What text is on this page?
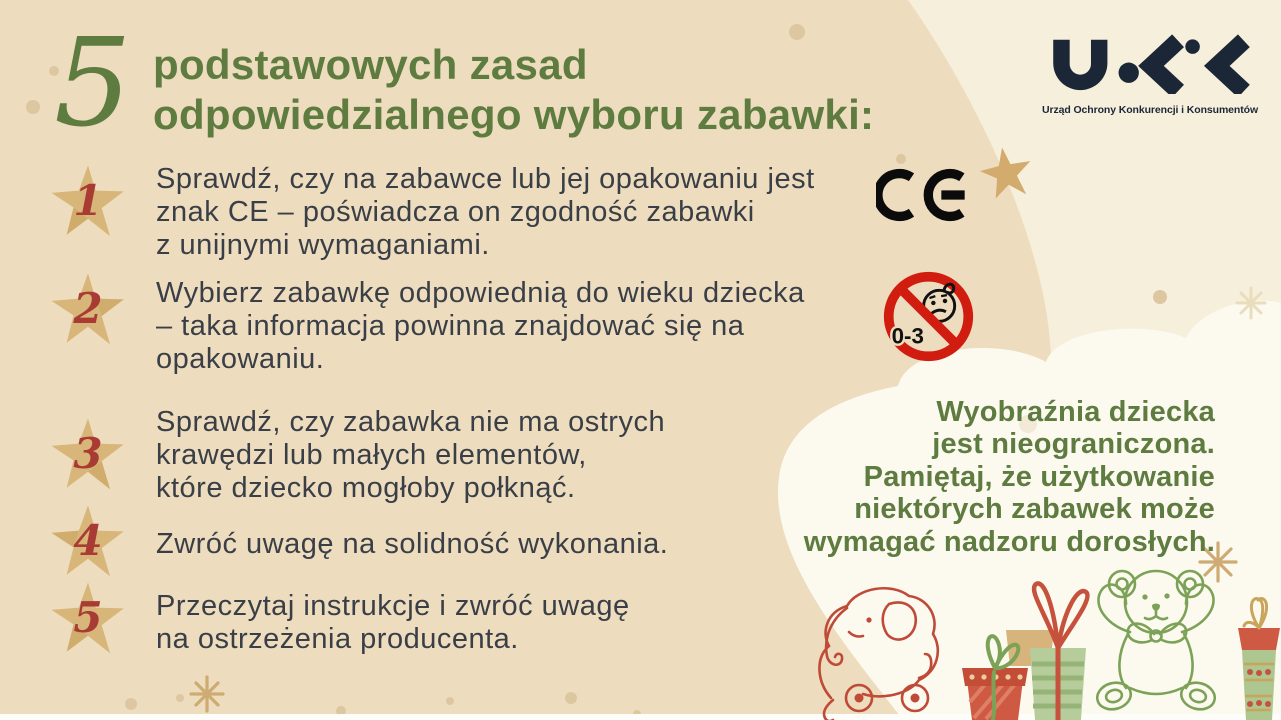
5 podstawowych zasad
odpowiedzialnego wyboru zabawki:	Urząd Ochrony Konkurencji i Konsumentów
1	Sprawdź, czy na zabawce lub jej opakowaniu jest
znak CE – poświadcza on zgodność zabawki
z unijnymi wymaganiami.
2	Wybierz zabawkę odpowiednią do wieku dziecka
– taka informacja powinna znajdować się na
opakowaniu.
3
Sprawdź, czy zabawka nie ma ostrych
krawędzi lub małych elementów,
które dziecko mogłoby połknąć.
4	Zwróć uwagę na solidność wykonania.
5	Przeczytaj instrukcje i zwróć uwagę
na ostrzeżenia producenta.
0-3
Wyobraźnia dziecka
jest nieograniczona.
Pamiętaj, że użytkowanie
niektórych zabawek może
wymagać nadzoru dorosłych.
